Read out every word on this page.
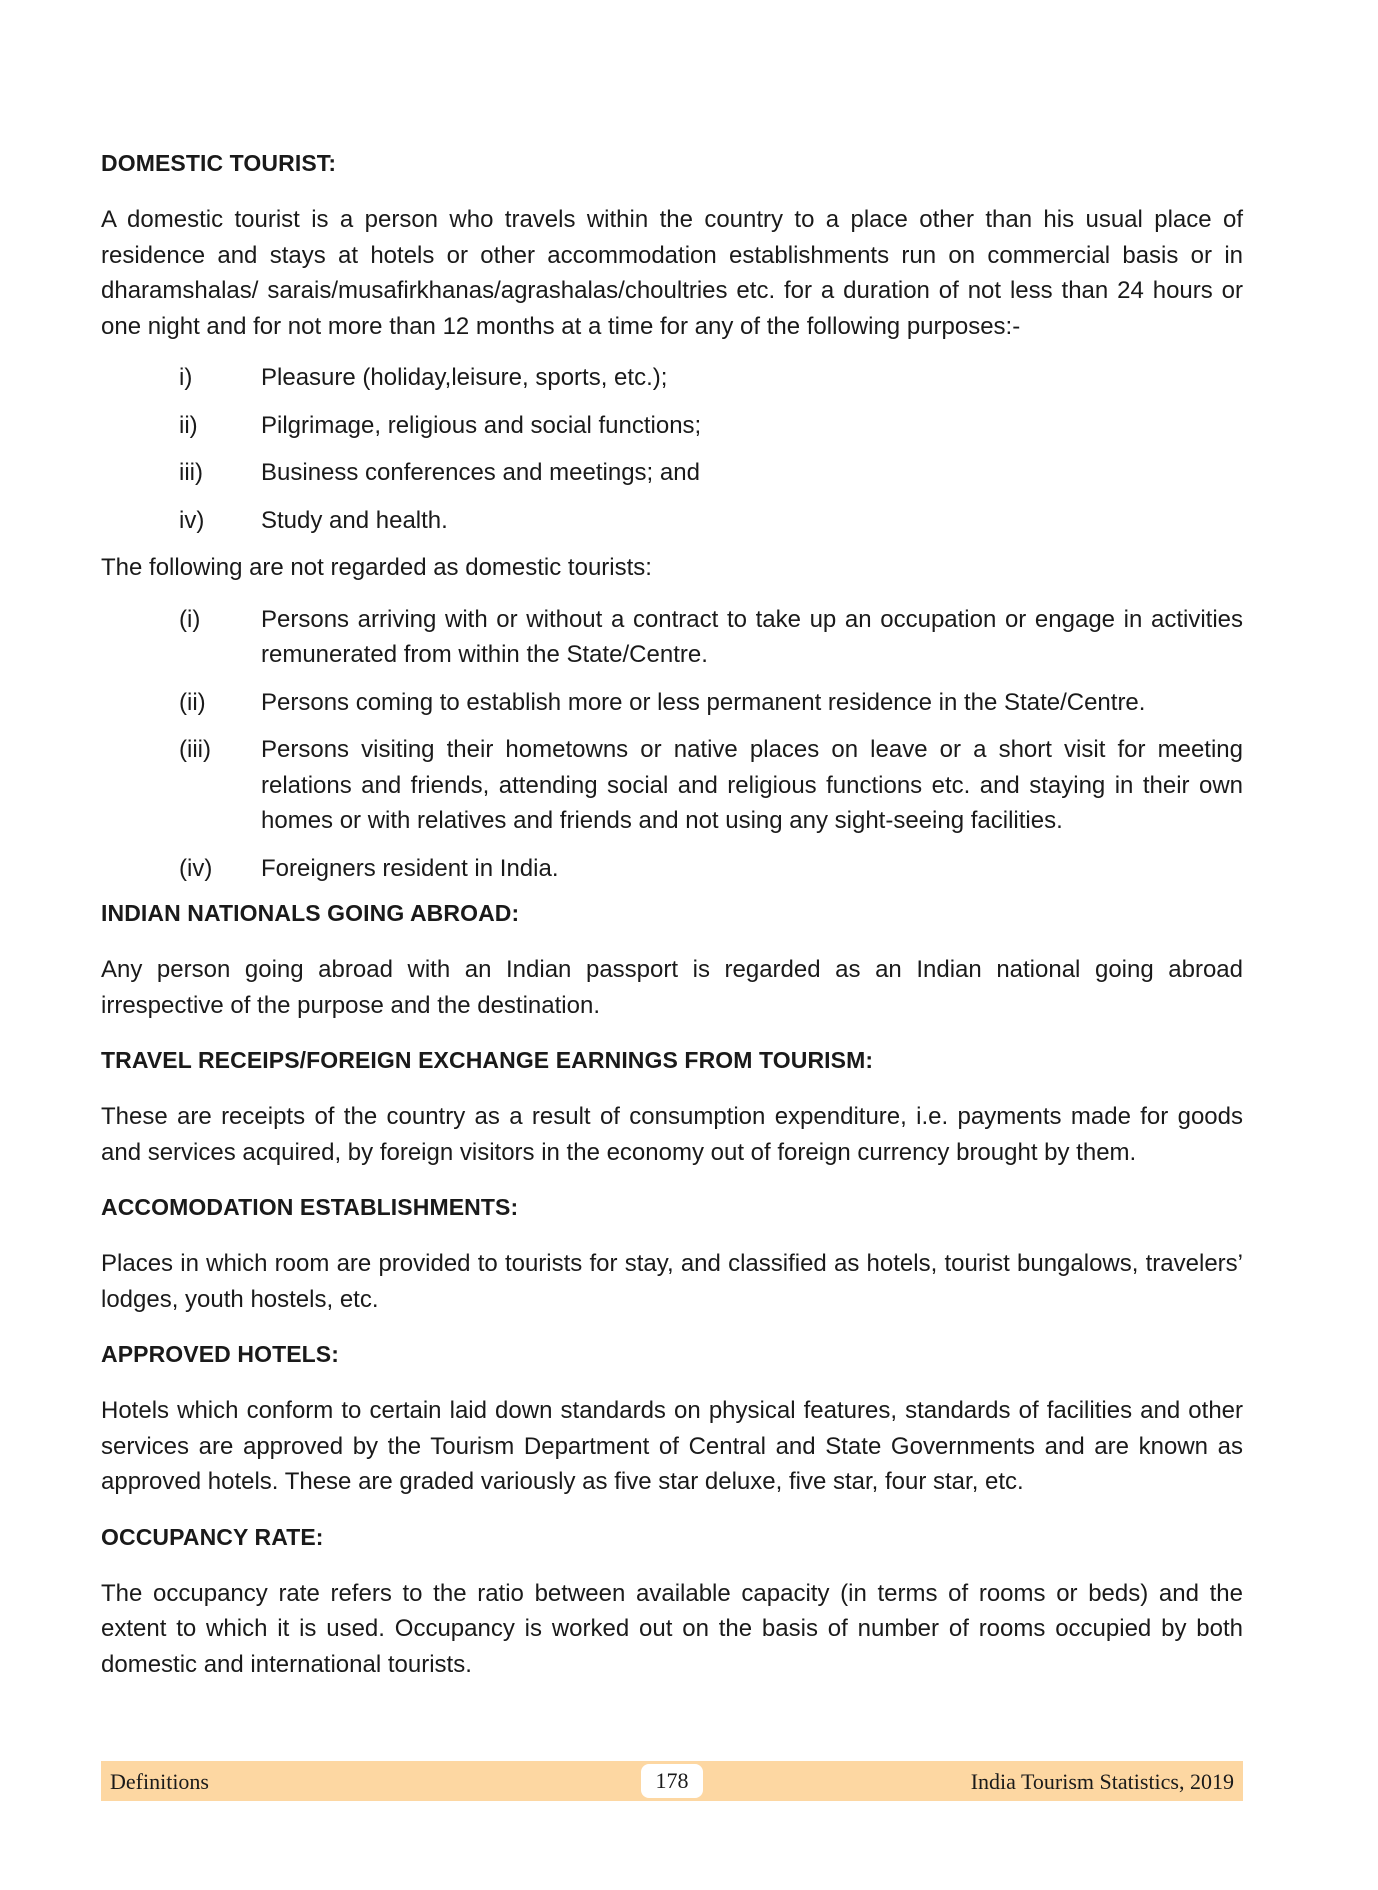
DOMESTIC TOURIST:

A domestic tourist is a person who travels within the country to a place other than his usual place of residence and stays at hotels or other accommodation establishments run on commercial basis or in dharamshalas/ sarais/musafirkhanas/agrashalas/choultries etc. for a duration of not less than 24 hours or one night and for not more than 12 months at a time for any of the following purposes:-

i)	Pleasure (holiday,leisure, sports, etc.);
ii)	Pilgrimage, religious and social functions;
iii)	Business conferences and meetings; and
iv)	Study and health.

The following are not regarded as domestic tourists:

(i)	Persons arriving with or without a contract to take up an occupation or engage in activities remunerated from within the State/Centre.
(ii)	Persons coming to establish more or less permanent residence in the State/Centre.
(iii)	Persons visiting their hometowns or native places on leave or a short visit for meeting relations and friends, attending social and religious functions etc. and staying in their own homes or with relatives and friends and not using any sight-seeing facilities.
(iv)	Foreigners resident in India.
INDIAN NATIONALS GOING ABROAD:

Any person going abroad with an Indian passport is regarded as an Indian national going abroad irrespective of the purpose and the destination.

TRAVEL RECEIPS/FOREIGN EXCHANGE EARNINGS FROM TOURISM:

These are receipts of the country as a result of consumption expenditure, i.e. payments made for goods and services acquired, by foreign visitors in the economy out of foreign currency brought by them.

ACCOMODATION ESTABLISHMENTS:

Places in which room are provided to tourists for stay, and classified as hotels, tourist bungalows, travelers’ lodges, youth hostels, etc.

APPROVED HOTELS:

Hotels which conform to certain laid down standards on physical features, standards of facilities and other services are approved by the Tourism Department of Central and State Governments and are known as approved hotels. These are graded variously as five star deluxe, five star, four star, etc.

OCCUPANCY RATE:

The occupancy rate refers to the ratio between available capacity (in terms of rooms or beds) and the extent to which it is used. Occupancy is worked out on the basis of number of rooms occupied by both domestic and international tourists.

Definitions	178	India Tourism Statistics, 2019
